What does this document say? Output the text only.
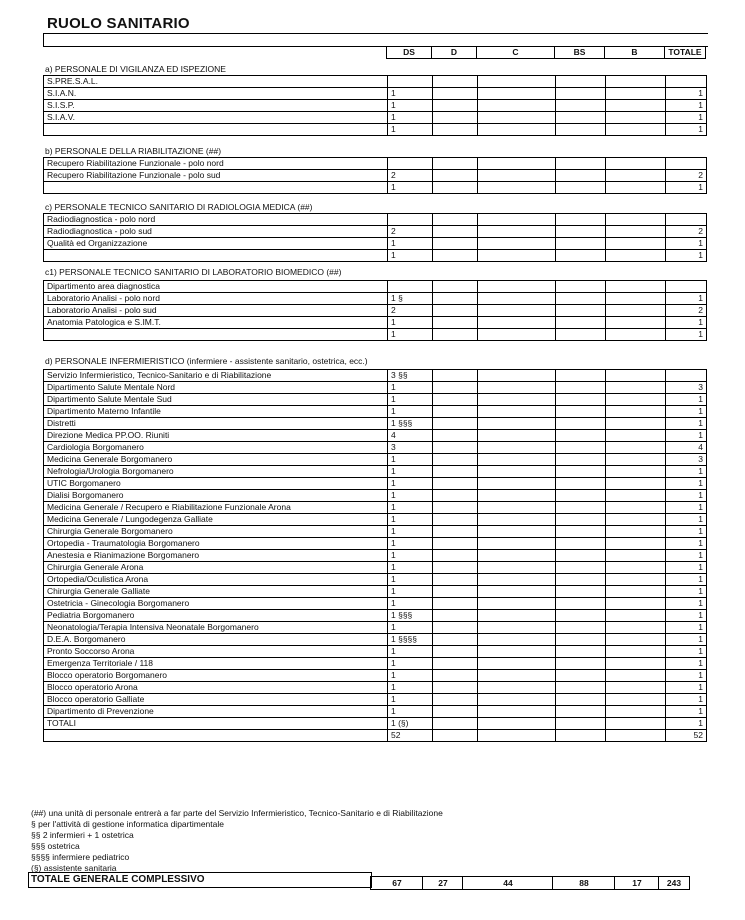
RUOLO SANITARIO
	DS	D	C	BS	B	TOTALE
a) PERSONALE DI VIGILANZA ED ISPEZIONE
S.PRE.S.A.L.						
S.I.A.N.	1					1
S.I.S.P.	1					1
S.I.A.V.	1					1
	1					1
b) PERSONALE DELLA RIABILITAZIONE (##)
Recupero Riabilitazione Funzionale - polo nord						
Recupero Riabilitazione Funzionale - polo sud	2					2
	1					1
c) PERSONALE TECNICO SANITARIO DI RADIOLOGIA MEDICA (##)
Radiodiagnostica - polo nord						
Radiodiagnostica - polo sud	2					2
Qualità ed Organizzazione	1					1
	1					1
c1) PERSONALE TECNICO SANITARIO DI LABORATORIO BIOMEDICO (##)
Dipartimento area diagnostica						
Laboratorio Analisi - polo nord	1 §					1
Laboratorio Analisi - polo sud	2					2
Anatomia Patologica e S.IM.T.	1					1
	1					1
d) PERSONALE INFERMIERISTICO (infermiere - assistente sanitario, ostetrica, ecc.)
Servizio Infermieristico, Tecnico-Sanitario e di Riabilitazione	3 §§					
Dipartimento Salute Mentale Nord	1					3
Dipartimento Salute Mentale Sud	1					1
Dipartimento Materno Infantile	1					1
Distretti	1 §§§					1
Direzione Medica PP.OO. Riuniti	4					1
Cardiologia Borgomanero	3					4
Medicina Generale Borgomanero	1					3
Nefrologia/Urologia Borgomanero	1					1
UTIC Borgomanero	1					1
Dialisi Borgomanero	1					1
Medicina Generale / Recupero e Riabilitazione Funzionale Arona	1					1
Medicina Generale / Lungodegenza Galliate	1					1
Chirurgia Generale Borgomanero	1					1
Ortopedia - Traumatologia Borgomanero	1					1
Anestesia e Rianimazione Borgomanero	1					1
Chirurgia Generale Arona	1					1
Ortopedia/Oculistica Arona	1					1
Chirurgia Generale Galliate	1					1
Ostetricia - Ginecologia Borgomanero	1					1
Pediatria Borgomanero	1 §§§					1
Neonatologia/Terapia Intensiva Neonatale Borgomanero	1					1
D.E.A. Borgomanero	1 §§§§					1
Pronto Soccorso Arona	1					1
Emergenza Territoriale / 118	1					1
Blocco operatorio Borgomanero	1					1
Blocco operatorio Arona	1					1
Blocco operatorio Galliate	1					1
Dipartimento di Prevenzione	1					1
TOTALI	1 (§)					1
	52					52
(##) una unità di personale entrerà a far parte del Servizio Infermieristico, Tecnico-Sanitario e di Riabilitazione
§ per l'attività di gestione informatica dipartimentale
§§ 2 infermieri + 1 ostetrica
§§§ ostetrica
§§§§ infermiere pediatrico
(§) assistente sanitaria
TOTALE GENERALE COMPLESSIVO	67	27	44	88	17	243
